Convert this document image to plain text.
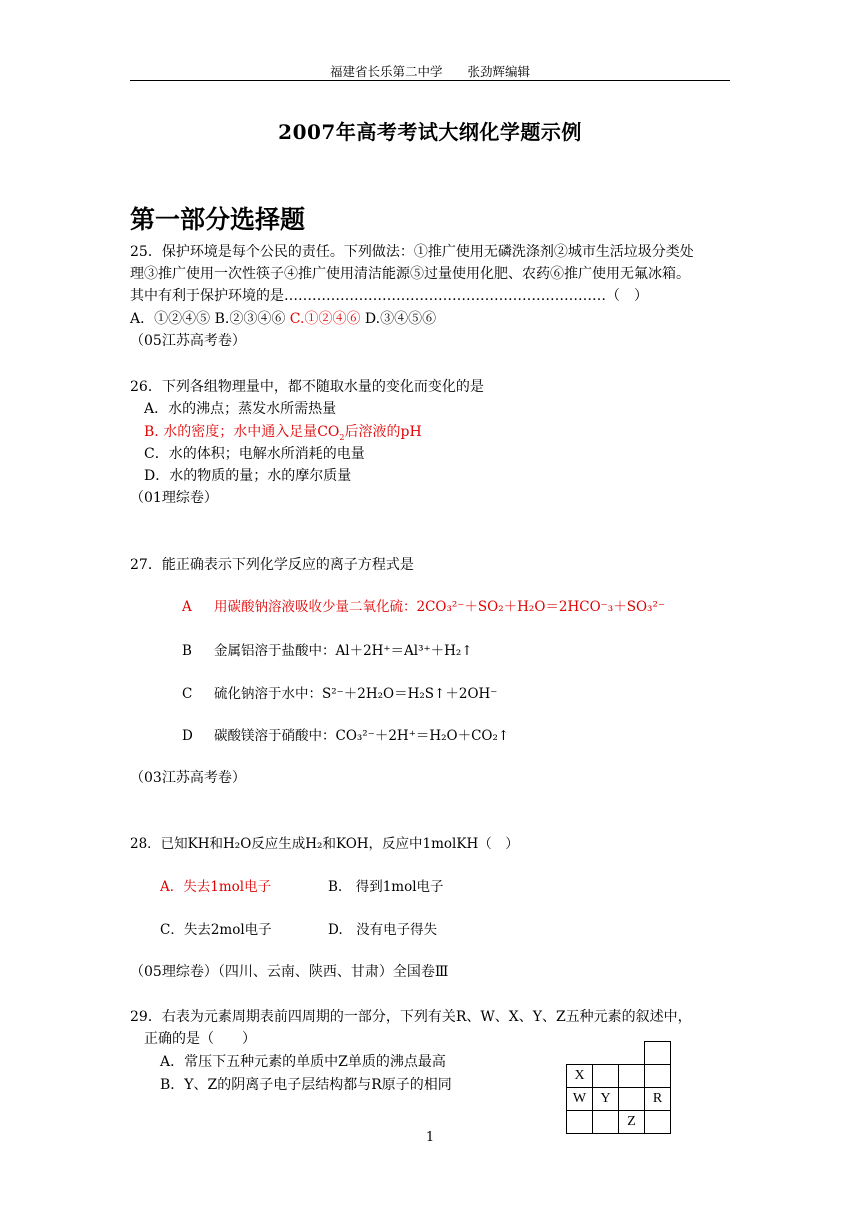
福建省长乐第二中学　　张劲辉编辑
2007年高考考试大纲化学题示例
第一部分选择题
25．保护环境是每个公民的责任。下列做法：①推广使用无磷洗涤剂②城市生活垃圾分类处
理③推广使用一次性筷子④推广使用清洁能源⑤过量使用化肥、农药⑥推广使用无氟冰箱。
其中有利于保护环境的是……………………………………………………………（　）
A．①②④⑤ B.②③④⑥ C.①②④⑥ D.③④⑤⑥
（05江苏高考卷）
26．下列各组物理量中，都不随取水量的变化而变化的是
A．水的沸点；蒸发水所需热量
B. 水的密度；水中通入足量$CO_2$后溶液的pH
C．水的体积；电解水所消耗的电量
D．水的物质的量；水的摩尔质量
（01理综卷）
27．能正确表示下列化学反应的离子方程式是
A 用碳酸钠溶液吸收少量二氧化硫：2CO₃²⁻＋SO₂＋H₂O＝2HCO⁻₃＋SO₃²⁻
B 金属铝溶于盐酸中：Al＋2H⁺＝Al³⁺＋H₂↑
C 硫化钠溶于水中：S²⁻＋2H₂O＝H₂S↑＋2OH⁻
D 碳酸镁溶于硝酸中：CO₃²⁻＋2H⁺＝H₂O＋CO₂↑
（03江苏高考卷）
28．已知KH和H₂O反应生成H₂和KOH，反应中1molKH（　）
A．失去1mol电子	B.　得到1mol电子
C．失去2mol电子	D.　没有电子得失
（05理综卷）（四川、云南、陕西、甘肃）全国卷Ⅲ
29．右表为元素周期表前四周期的一部分，下列有关R、W、X、Y、Z五种元素的叙述中，
正确的是（　　）
A．常压下五种元素的单质中Z单质的沸点最高
B．Y、Z的阴离子电子层结构都与R原子的相同

X			
W	Y		R
		Z	
1
